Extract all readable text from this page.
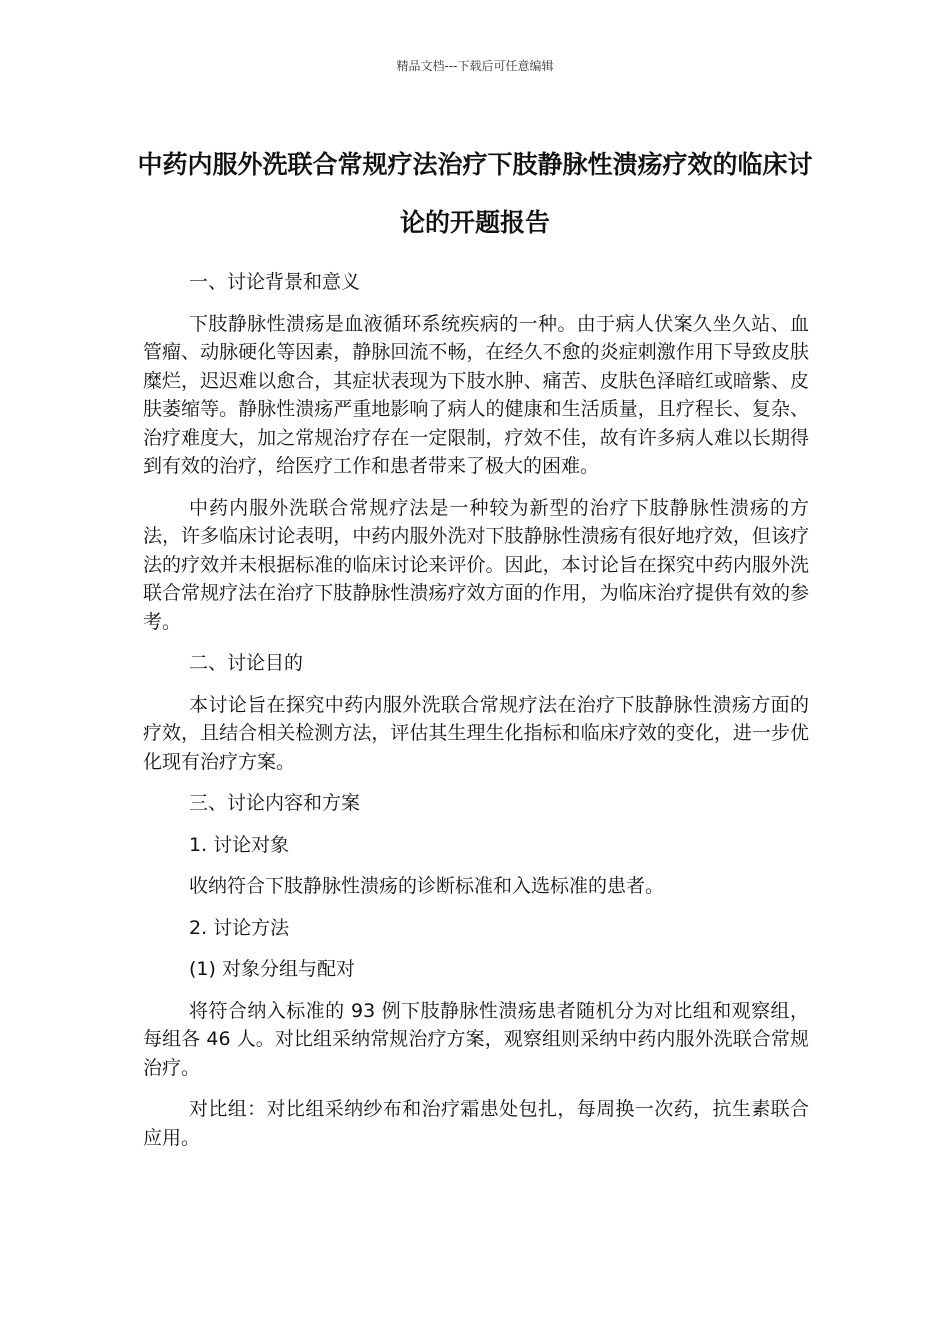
精品文档---下载后可任意编辑
中药内服外洗联合常规疗法治疗下肢静脉性溃疡疗效的临床讨论的开题报告

一、讨论背景和意义

下肢静脉性溃疡是血液循环系统疾病的一种。由于病人伏案久坐久站、血管瘤、动脉硬化等因素，静脉回流不畅，在经久不愈的炎症刺激作用下导致皮肤糜烂，迟迟难以愈合，其症状表现为下肢水肿、痛苦、皮肤色泽暗红或暗紫、皮肤萎缩等。静脉性溃疡严重地影响了病人的健康和生活质量，且疗程长、复杂、治疗难度大，加之常规治疗存在一定限制，疗效不佳，故有许多病人难以长期得到有效的治疗，给医疗工作和患者带来了极大的困难。

中药内服外洗联合常规疗法是一种较为新型的治疗下肢静脉性溃疡的方法，许多临床讨论表明，中药内服外洗对下肢静脉性溃疡有很好地疗效，但该疗法的疗效并未根据标准的临床讨论来评价。因此，本讨论旨在探究中药内服外洗联合常规疗法在治疗下肢静脉性溃疡疗效方面的作用，为临床治疗提供有效的参考。

二、讨论目的

本讨论旨在探究中药内服外洗联合常规疗法在治疗下肢静脉性溃疡方面的疗效，且结合相关检测方法，评估其生理生化指标和临床疗效的变化，进一步优化现有治疗方案。

三、讨论内容和方案

1. 讨论对象

收纳符合下肢静脉性溃疡的诊断标准和入选标准的患者。

2. 讨论方法

(1) 对象分组与配对

将符合纳入标准的 93 例下肢静脉性溃疡患者随机分为对比组和观察组，每组各 46 人。对比组采纳常规治疗方案，观察组则采纳中药内服外洗联合常规治疗。

对比组：对比组采纳纱布和治疗霜患处包扎，每周换一次药，抗生素联合应用。
